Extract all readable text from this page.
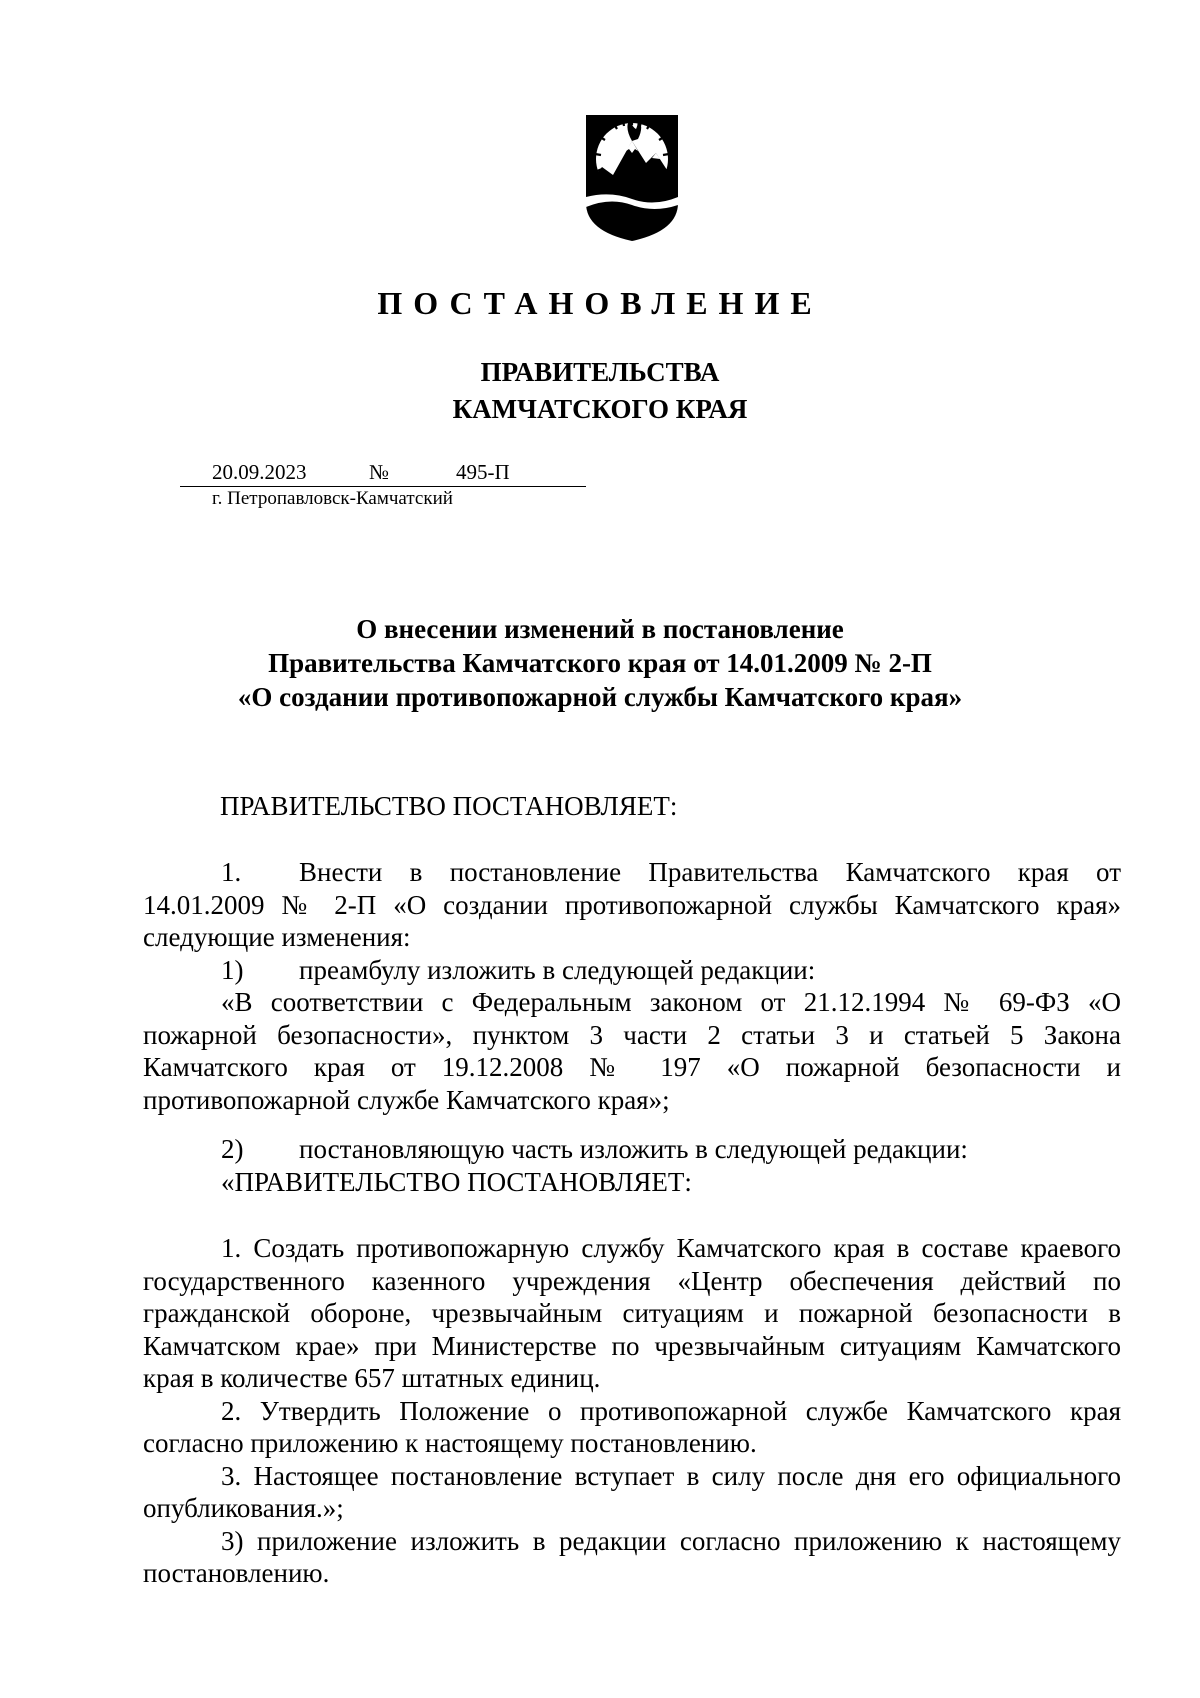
ПОСТАНОВЛЕНИЕ
ПРАВИТЕЛЬСТВА
КАМЧАТСКОГО КРАЯ
20.09.2023	№	495-П
г. Петропавловск-Камчатский
О внесении изменений в постановление
Правительства Камчатского края от 14.01.2009 № 2-П
«О создании противопожарной службы Камчатского края»
ПРАВИТЕЛЬСТВО ПОСТАНОВЛЯЕТ:

1. Внести в постановление Правительства Камчатского края от 14.01.2009 № 2-П «О создании противопожарной службы Камчатского края» следующие изменения:

1) преамбулу изложить в следующей редакции:

«В соответствии с Федеральным законом от 21.12.1994 № 69-ФЗ «О пожарной безопасности», пунктом 3 части 2 статьи 3 и статьей 5 Закона Камчатского края от 19.12.2008 № 197 «О пожарной безопасности и противопожарной службе Камчатского края»;

2) постановляющую часть изложить в следующей редакции:

«ПРАВИТЕЛЬСТВО ПОСТАНОВЛЯЕТ:

1. Создать противопожарную службу Камчатского края в составе краевого государственного казенного учреждения «Центр обеспечения действий по гражданской обороне, чрезвычайным ситуациям и пожарной безопасности в Камчатском крае» при Министерстве по чрезвычайным ситуациям Камчатского края в количестве 657 штатных единиц.

2. Утвердить Положение о противопожарной службе Камчатского края согласно приложению к настоящему постановлению.

3. Настоящее постановление вступает в силу после дня его официального опубликования.»;

3) приложение изложить в редакции согласно приложению к настоящему постановлению.
